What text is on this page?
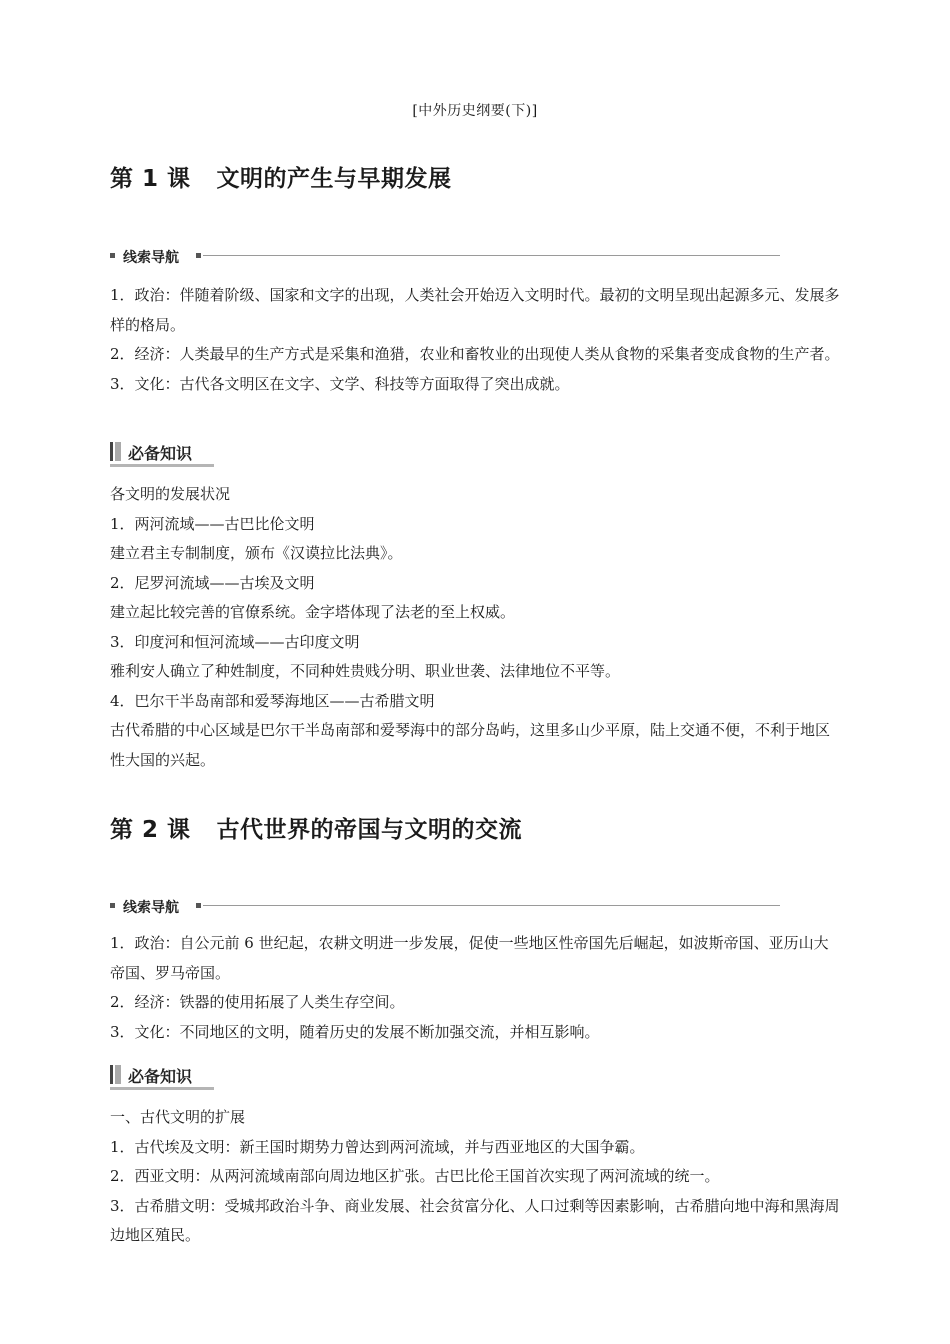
[中外历史纲要(下)]
第 1 课 文明的产生与早期发展
线索导航

1．政治：伴随着阶级、国家和文字的出现，人类社会开始迈入文明时代。最初的文明呈现出起源多元、发展多样的格局。

2．经济：人类最早的生产方式是采集和渔猎，农业和畜牧业的出现使人类从食物的采集者变成食物的生产者。

3．文化：古代各文明区在文字、文学、科技等方面取得了突出成就。

必备知识

各文明的发展状况

1．两河流域——古巴比伦文明

建立君主专制制度，颁布《汉谟拉比法典》。

2．尼罗河流域——古埃及文明

建立起比较完善的官僚系统。金字塔体现了法老的至上权威。

3．印度河和恒河流域——古印度文明

雅利安人确立了种姓制度，不同种姓贵贱分明、职业世袭、法律地位不平等。

4．巴尔干半岛南部和爱琴海地区——古希腊文明

古代希腊的中心区域是巴尔干半岛南部和爱琴海中的部分岛屿，这里多山少平原，陆上交通不便，不利于地区性大国的兴起。

第 2 课 古代世界的帝国与文明的交流
线索导航

1．政治：自公元前 6 世纪起，农耕文明进一步发展，促使一些地区性帝国先后崛起，如波斯帝国、亚历山大帝国、罗马帝国。

2．经济：铁器的使用拓展了人类生存空间。

3．文化：不同地区的文明，随着历史的发展不断加强交流，并相互影响。

必备知识

一、古代文明的扩展

1．古代埃及文明：新王国时期势力曾达到两河流域，并与西亚地区的大国争霸。

2．西亚文明：从两河流域南部向周边地区扩张。古巴比伦王国首次实现了两河流域的统一。

3．古希腊文明：受城邦政治斗争、商业发展、社会贫富分化、人口过剩等因素影响，古希腊向地中海和黑海周边地区殖民。
